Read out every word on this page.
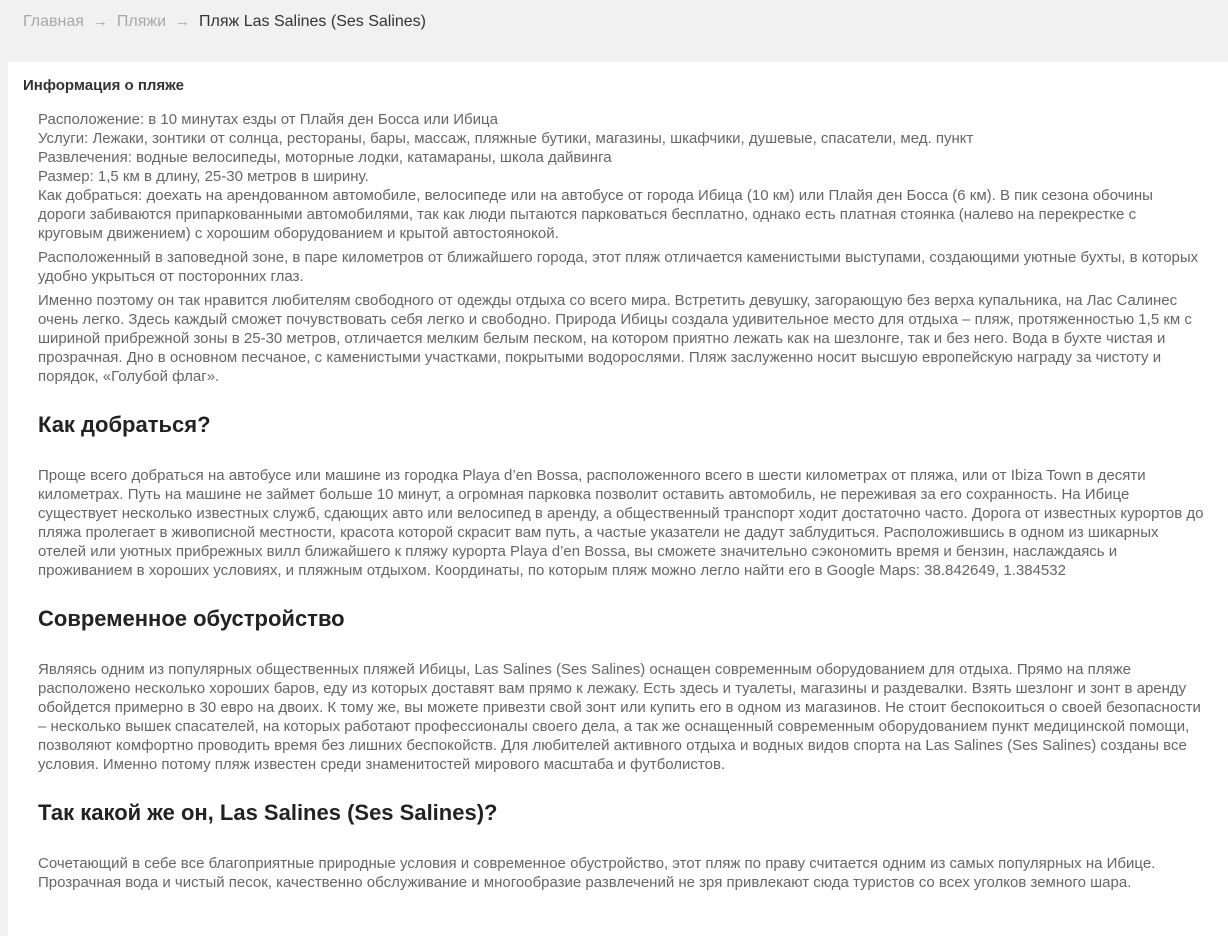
Главная → Пляжи → Пляж Las Salines (Ses Salines)
Информация о пляже

Расположение: в 10 минутах езды от Плайя ден Босса или Ибица

Услуги: Лежаки, зонтики от солнца, рестораны, бары, массаж, пляжные бутики, магазины, шкафчики, душевые, спасатели, мед. пункт

Развлечения: водные велосипеды, моторные лодки, катамараны, школа дайвинга

Размер: 1,5 км в длину, 25-30 метров в ширину.

Как добраться: доехать на арендованном автомобиле, велосипеде или на автобусе от города Ибица (10 км) или Плайя ден Босса (6 км). В пик сезона обочины дороги забиваются припаркованными автомобилями, так как люди пытаются парковаться бесплатно, однако есть платная стоянка (налево на перекрестке с круговым движением) с хорошим оборудованием и крытой автостоянокой.

Расположенный в заповедной зоне, в паре километров от ближайшего города, этот пляж отличается каменистыми выступами, создающими уютные бухты, в которых удобно укрыться от посторонних глаз.

Именно поэтому он так нравится любителям свободного от одежды отдыха со всего мира. Встретить девушку, загорающую без верха купальника, на Лас Салинес очень легко. Здесь каждый сможет почувствовать себя легко и свободно. Природа Ибицы создала удивительное место для отдыха – пляж, протяженностью 1,5 км с шириной прибрежной зоны в 25-30 метров, отличается мелким белым песком, на котором приятно лежать как на шезлонге, так и без него. Вода в бухте чистая и прозрачная. Дно в основном песчаное, с каменистыми участками, покрытыми водорослями. Пляж заслуженно носит высшую европейскую награду за чистоту и порядок, «Голубой флаг».

Как добраться?

Проще всего добраться на автобусе или машине из городка Playa d’en Bossa, расположенного всего в шести километрах от пляжа, или от Ibiza Town в десяти километрах. Путь на машине не займет больше 10 минут, а огромная парковка позволит оставить автомобиль, не переживая за его сохранность. На Ибице существует несколько известных служб, сдающих авто или велосипед в аренду, а общественный транспорт ходит достаточно часто. Дорога от известных курортов до пляжа пролегает в живописной местности, красота которой скрасит вам путь, а частые указатели не дадут заблудиться. Расположившись в одном из шикарных отелей или уютных прибрежных вилл ближайшего к пляжу курорта Playa d’en Bossa, вы сможете значительно сэкономить время и бензин, наслаждаясь и проживанием в хороших условиях, и пляжным отдыхом. Координаты, по которым пляж можно легло найти его в Google Maps: 38.842649, 1.384532

Современное обустройство

Являясь одним из популярных общественных пляжей Ибицы, Las Salines (Ses Salines) оснащен современным оборудованием для отдыха. Прямо на пляже расположено несколько хороших баров, еду из которых доставят вам прямо к лежаку. Есть здесь и туалеты, магазины и раздевалки. Взять шезлонг и зонт в аренду обойдется примерно в 30 евро на двоих. К тому же, вы можете привезти свой зонт или купить его в одном из магазинов. Не стоит беспокоиться о своей безопасности – несколько вышек спасателей, на которых работают профессионалы своего дела, а так же оснащенный современным оборудованием пункт медицинской помощи, позволяют комфортно проводить время без лишних беспокойств. Для любителей активного отдыха и водных видов спорта на Las Salines (Ses Salines) созданы все условия. Именно потому пляж известен среди знаменитостей мирового масштаба и футболистов.

Так какой же он, Las Salines (Ses Salines)?

Сочетающий в себе все благоприятные природные условия и современное обустройство, этот пляж по праву считается одним из самых популярных на Ибице. Прозрачная вода и чистый песок, качественно обслуживание и многообразие развлечений не зря привлекают сюда туристов со всех уголков земного шара.
